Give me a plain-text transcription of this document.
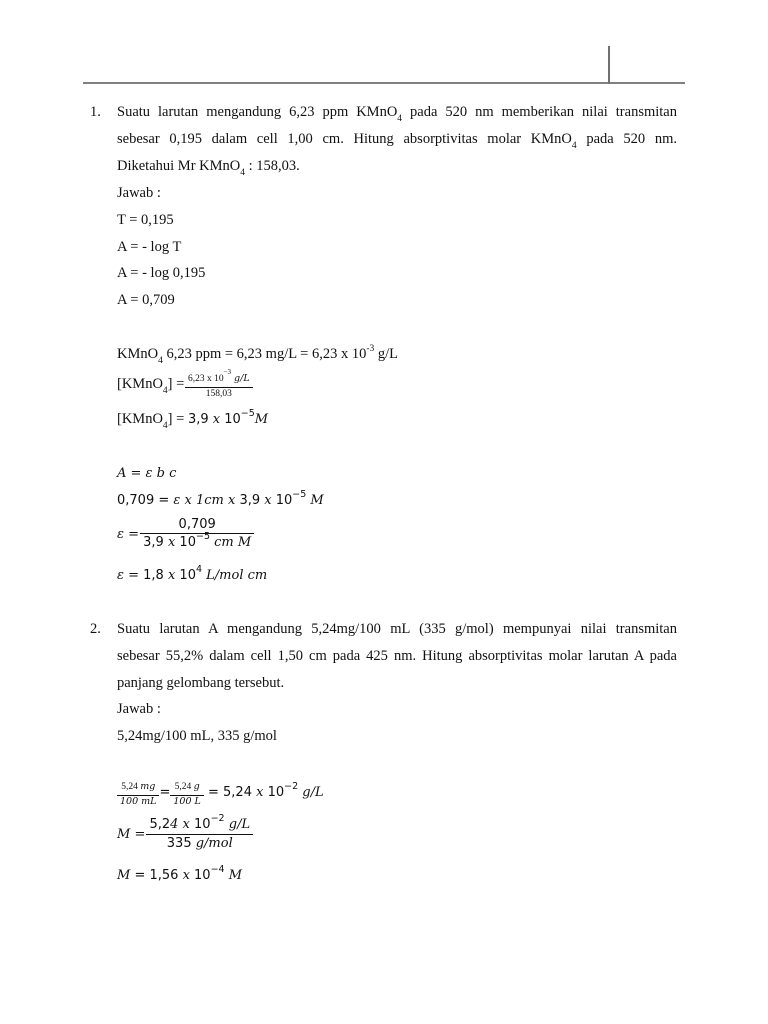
1. Suatu larutan mengandung 6,23 ppm KMnO$_4$ pada 520 nm memberikan nilai transmitan
sebesar 0,195 dalam cell 1,00 cm. Hitung absorptivitas molar KMnO$_4$ pada 520 nm.
Diketahui Mr KMnO$_4$ : 158,03.
Jawab :
T = 0,195
A = - log T
A = - log 0,195
A = 0,709
KMnO$_4$ 6,23 ppm = 6,23 mg/L = 6,23 x $10^{-3}$ g/L
[KMnO$_4$] =
$\frac{6,23 x 10^{-3} g/L}{158,03}$
[KMnO$_4$] = 3,9 x $10^{-5}M$
A = ε b c
0,709 = ε x 1cm x 3,9 x $10^{-5}$ M
ε =
$\frac{0,709}{3,9 x 10^{-5} cm M}$
ε = 1,8 x $10^4$ L/mol cm
2. Suatu larutan A mengandung 5,24mg/100 mL (335 g/mol) mempunyai nilai transmitan
sebesar 55,2% dalam cell 1,50 cm pada 425 nm. Hitung absorptivitas molar larutan A pada
panjang gelombang tersebut.
Jawab :
5,24mg/100 mL, 335 g/mol
$\frac{5,24 mg}{100 mL} = \frac{5,24 g}{100 L} = 5,24$ x $10^{-2}$ g/L
M =
$\frac{5,24 x 10^{-2} g/L}{\text{335 g/mol}}$
M = 1,56 x $10^{-4}$ M
